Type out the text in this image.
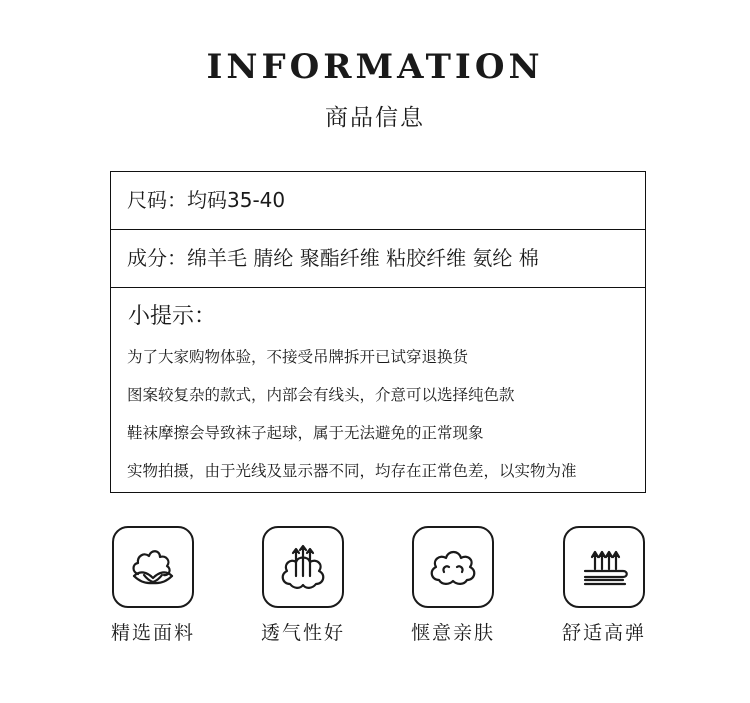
INFORMATION
商品信息
尺码：均码35-40
成分：绵羊毛 腈纶 聚酯纤维 粘胶纤维 氨纶 棉
小提示：
为了大家购物体验，不接受吊牌拆开已试穿退换货
图案较复杂的款式，内部会有线头，介意可以选择纯色款
鞋袜摩擦会导致袜子起球，属于无法避免的正常现象
实物拍摄，由于光线及显示器不同，均存在正常色差，以实物为准
精选面料	透气性好	惬意亲肤	舒适高弹
